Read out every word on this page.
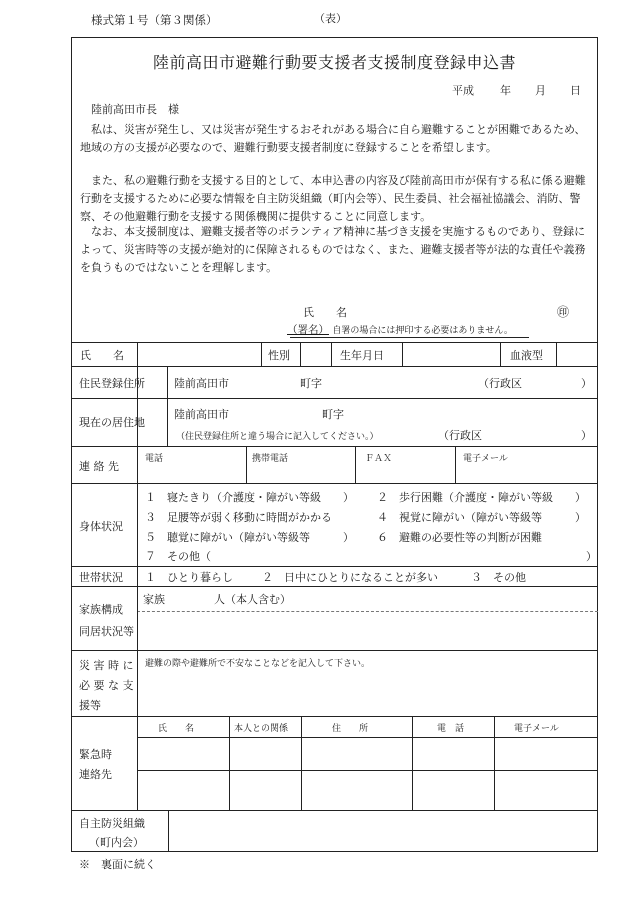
様式第１号（第３関係）	（表）
陸前高田市避難行動要支援者支援制度登録申込書
平成 年 月 日
陸前高田市長　様
私は、災害が発生し、又は災害が発生するおそれがある場合に自ら避難することが困難であるため、地域の方の支援が必要なので、避難行動要支援者制度に登録することを希望します。
また、私の避難行動を支援する目的として、本申込書の内容及び陸前高田市が保有する私に係る避難行動を支援するために必要な情報を自主防災組織（町内会等）、民生委員、社会福祉協議会、消防、警察、その他避難行動を支援する関係機関に提供することに同意します。
なお、本支援制度は、避難支援者等のボランティア精神に基づき支援を実施するものであり、登録によって、災害時等の支援が絶対的に保障されるものではなく、また、避難支援者等が法的な責任や義務を負うものではないことを理解します。
氏　　名	㊞
（署名） 自署の場合には押印する必要はありません。
氏　　名	性別	生年月日	血液型
住民登録住所	陸前高田市	町字	（行政区	）
現在の居住地
陸前高田市	町字
（住民登録住所と違う場合に記入してください。）	（行政区	）
連 絡 先
電話	携帯電話	ＦＡＸ	電子メール
身体状況
１　寝たきり（介護度・障がい等級　　） ２　歩行困難（介護度・障がい等級　　）
３　足腰等が弱く移動に時間がかかる	４　視覚に障がい（障がい等級等　　　）
５　聴覚に障がい（障がい等級等　　　） ６　避難の必要性等の判断が困難
７　その他（	）
世帯状況 １　ひとり暮らし	２　日中にひとりになることが多い	３　その他
家族構成
同居状況等
家族	人（本人含む）
災 害 時 に
必 要 な 支
援等
避難の際や避難所で不安なことなどを記入して下さい。
緊急時
連絡先
氏　　名	本人との関係	住　　所	電　話	電子メール
自主防災組織
（町内会）
※　裏面に続く
